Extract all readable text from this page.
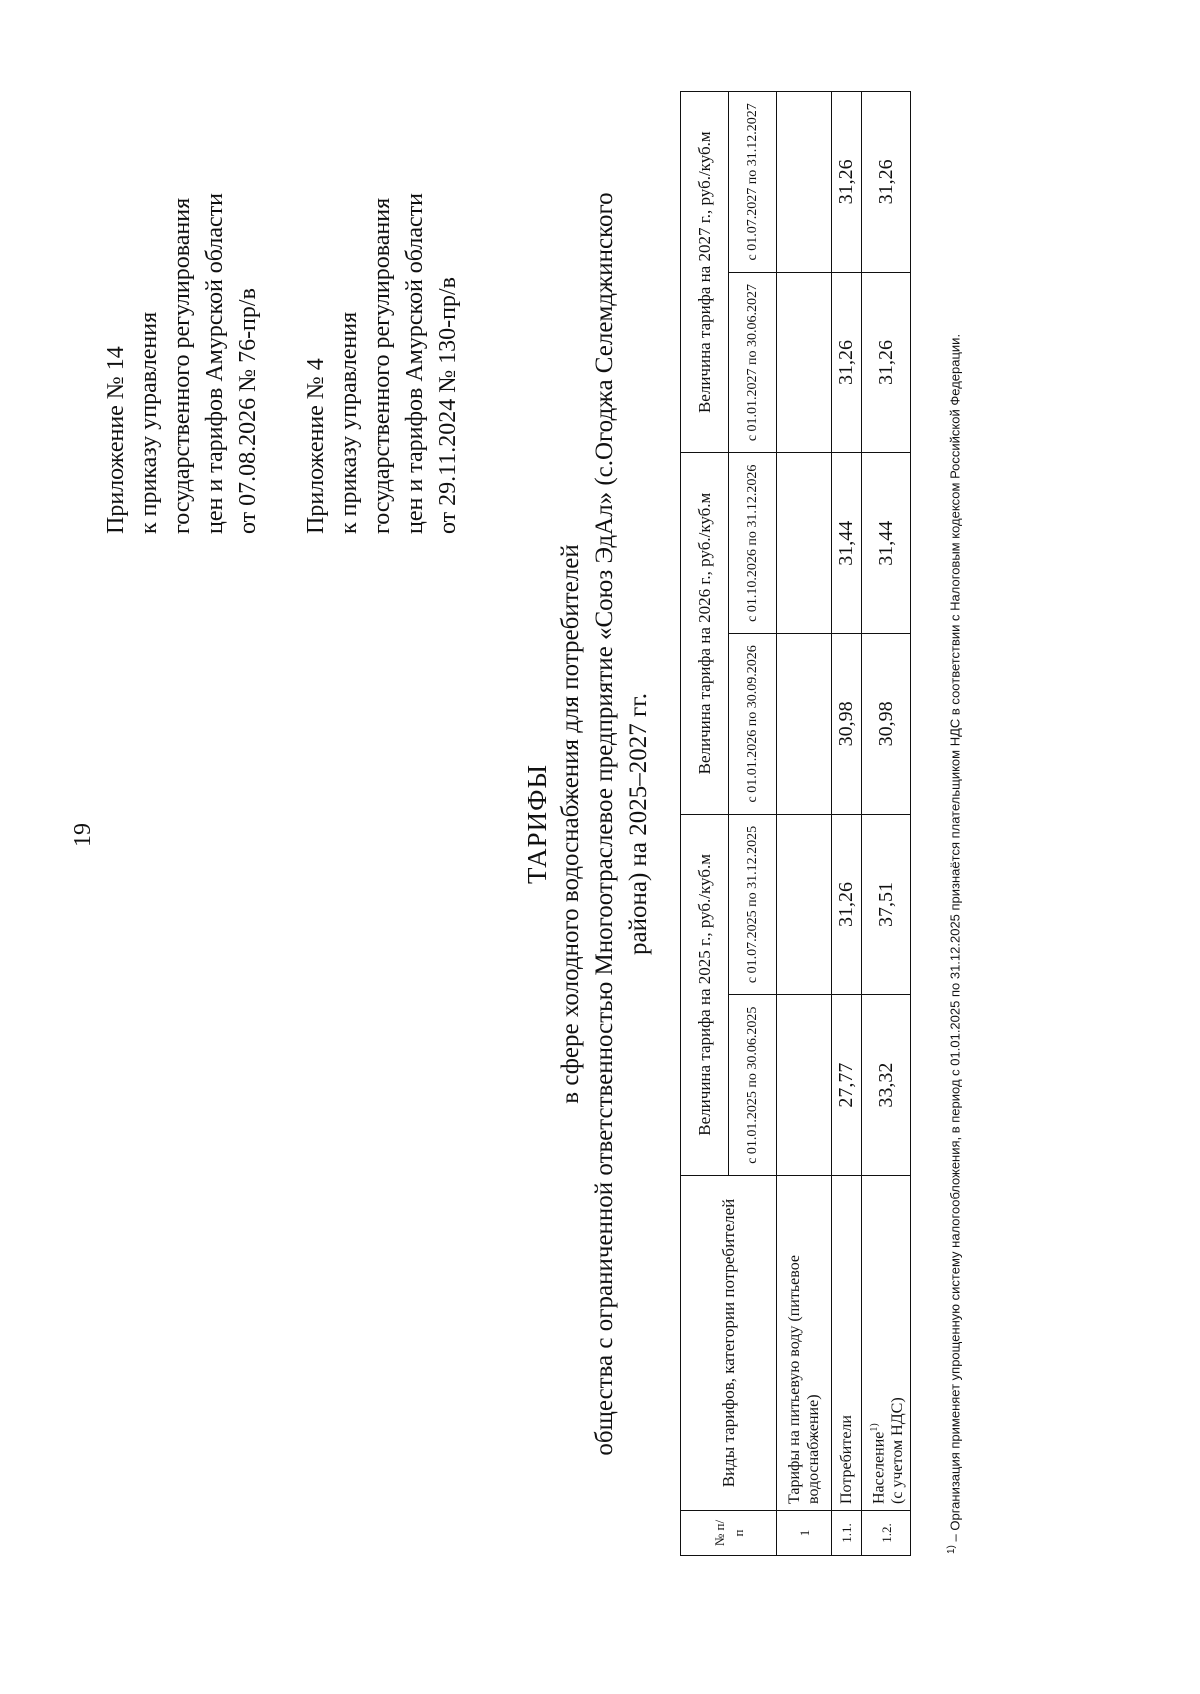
19
Приложение № 14 к приказу управления государственного регулирования цен и тарифов Амурской области от 07.08.2026 № 76-пр/в Приложение № 4 к приказу управления государственного регулирования цен и тарифов Амурской области от 29.11.2024 № 130-пр/в
ТАРИФЫ в сфере холодного водоснабжения для потребителей общества с ограниченной ответственностью Многоотраслевое предприятие «Союз ЭдАл» (с.Огоджа Селемджинского района) на 2025–2027 гг.
№ п/п	Виды тарифов, категории потребителей	Величина тарифа на 2025 г., руб./куб.м		Величина тарифа на 2026 г., руб./куб.м		Величина тарифа на 2027 г., руб./куб.м	
		с 01.01.2025 по 30.06.2025	с 01.07.2025 по 31.12.2025	с 01.01.2026 по 30.09.2026	с 01.10.2026 по 31.12.2026	с 01.01.2027 по 30.06.2027	с 01.07.2027 по 31.12.2027
1	Тарифы на питьевую воду (питьевое водоснабжение)						
1.1.	Потребители	27,77	31,26	30,98	31,44	31,26	31,26
1.2.	Население$^{1)}$ (с учетом НДС)	33,32	37,51	30,98	31,44	31,26	31,26
$^{1)}$ – Организация применяет упрощенную систему налогообложения, в период с 01.01.2025 по 31.12.2025 признаётся плательщиком НДС в соответствии с Налоговым кодексом Российской Федерации.
